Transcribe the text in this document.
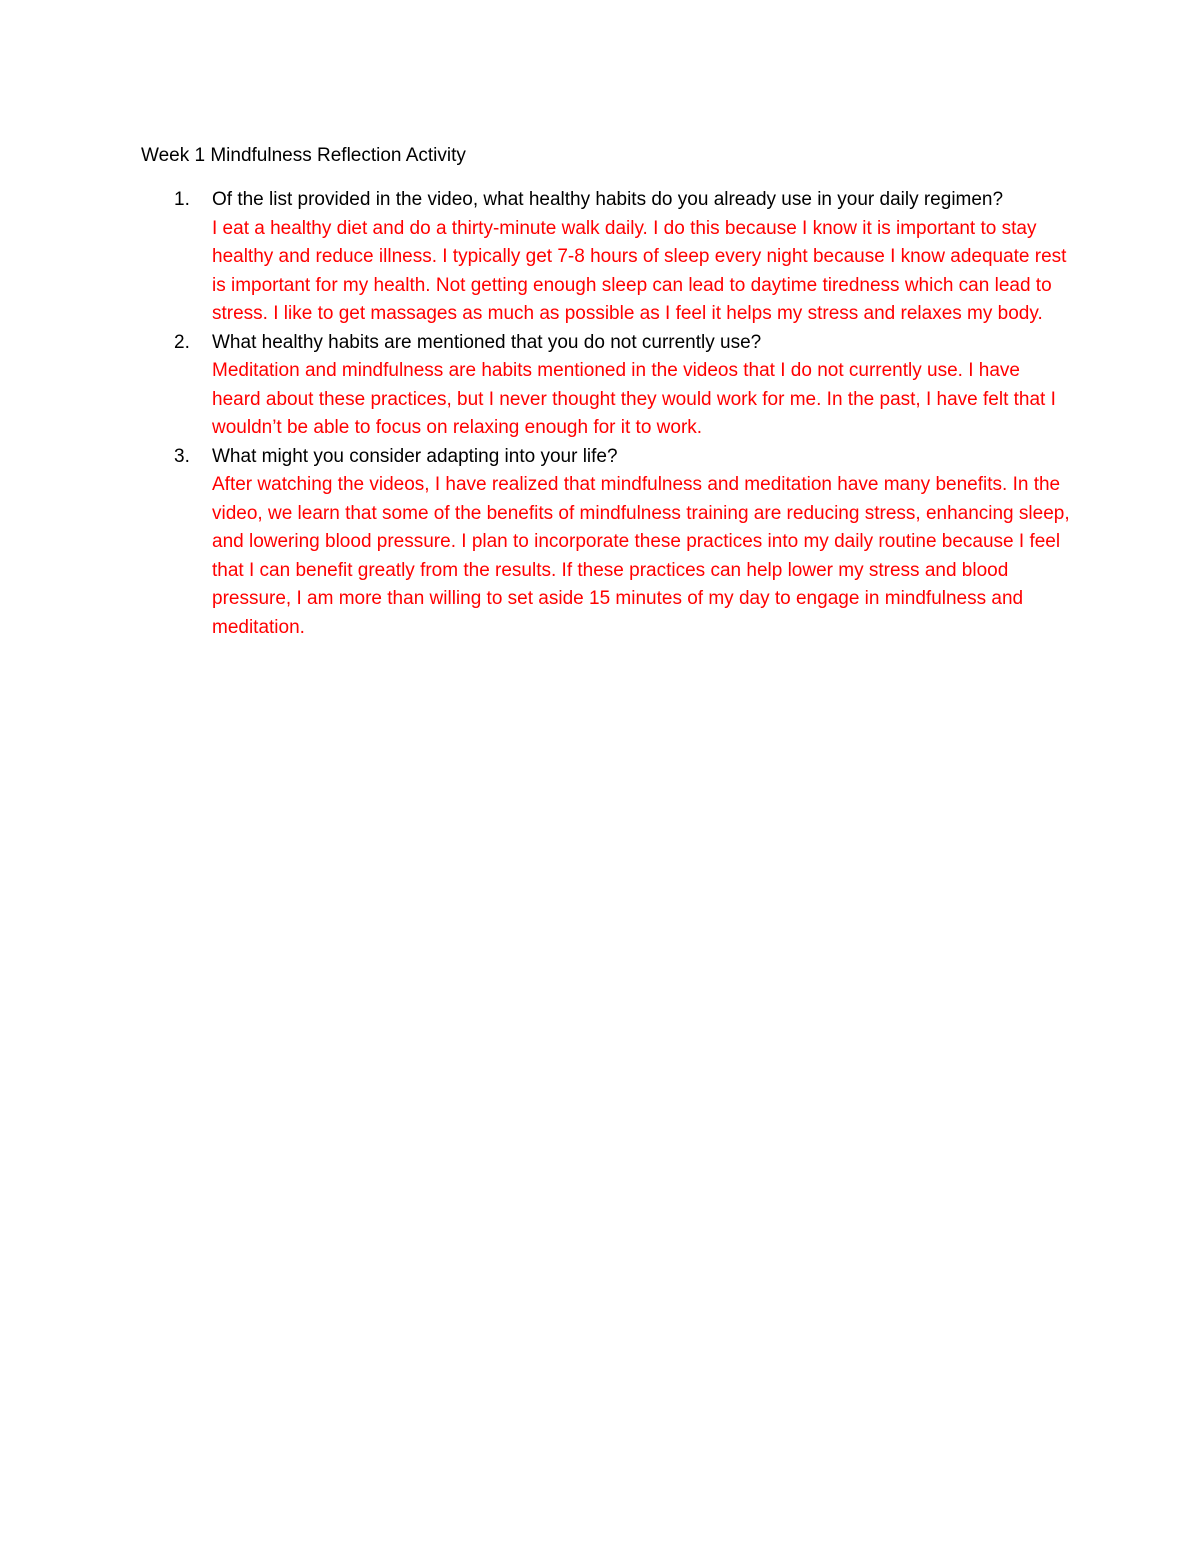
Week 1 Mindfulness Reflection Activity
1. Of the list provided in the video, what healthy habits do you already use in your daily regimen?

I eat a healthy diet and do a thirty-minute walk daily. I do this because I know it is important to stay healthy and reduce illness. I typically get 7-8 hours of sleep every night because I know adequate rest is important for my health. Not getting enough sleep can lead to daytime tiredness which can lead to stress. I like to get massages as much as possible as I feel it helps my stress and relaxes my body.

2. What healthy habits are mentioned that you do not currently use?

Meditation and mindfulness are habits mentioned in the videos that I do not currently use. I have heard about these practices, but I never thought they would work for me. In the past, I have felt that I wouldn’t be able to focus on relaxing enough for it to work.

3. What might you consider adapting into your life?

After watching the videos, I have realized that mindfulness and meditation have many benefits. In the video, we learn that some of the benefits of mindfulness training are reducing stress, enhancing sleep, and lowering blood pressure. I plan to incorporate these practices into my daily routine because I feel that I can benefit greatly from the results. If these practices can help lower my stress and blood pressure, I am more than willing to set aside 15 minutes of my day to engage in mindfulness and meditation.
